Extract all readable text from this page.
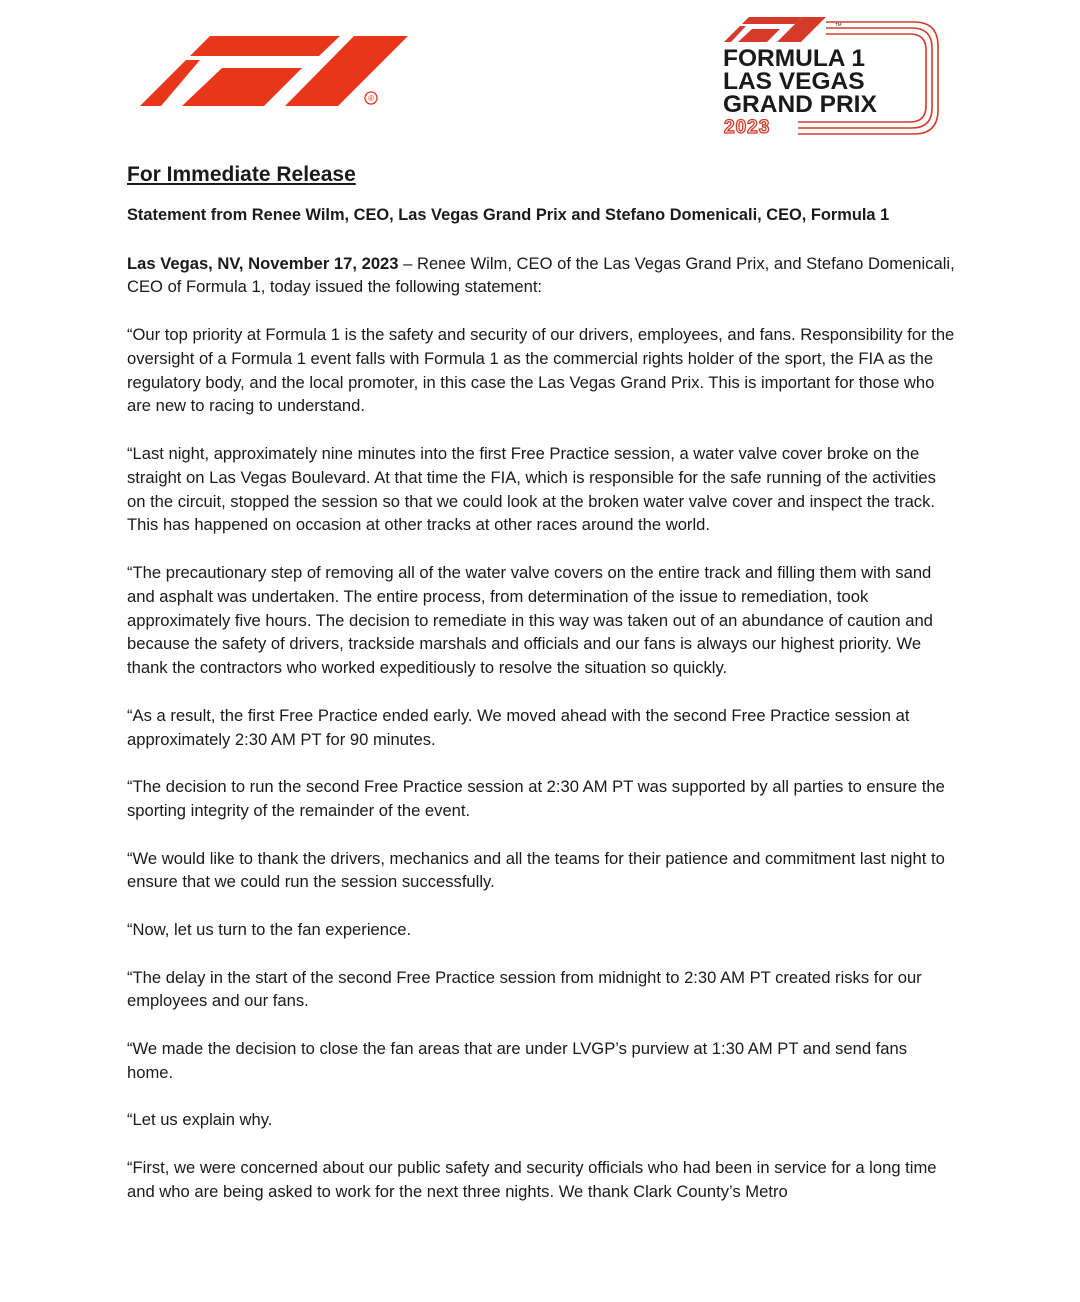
®
TM
FORMULA 1
LAS VEGAS
GRAND PRIX
2023
For Immediate Release
Statement from Renee Wilm, CEO, Las Vegas Grand Prix and Stefano Domenicali, CEO, Formula 1
Las Vegas, NV, November 17, 2023 – Renee Wilm, CEO of the Las Vegas Grand Prix, and Stefano Domenicali, CEO of Formula 1, today issued the following statement:
“Our top priority at Formula 1 is the safety and security of our drivers, employees, and fans. Responsibility for the oversight of a Formula 1 event falls with Formula 1 as the commercial rights holder of the sport, the FIA as the regulatory body, and the local promoter, in this case the Las Vegas Grand Prix. This is important for those who are new to racing to understand.
“Last night, approximately nine minutes into the first Free Practice session, a water valve cover broke on the straight on Las Vegas Boulevard. At that time the FIA, which is responsible for the safe running of the activities on the circuit, stopped the session so that we could look at the broken water valve cover and inspect the track. This has happened on occasion at other tracks at other races around the world.
“The precautionary step of removing all of the water valve covers on the entire track and filling them with sand and asphalt was undertaken. The entire process, from determination of the issue to remediation, took approximately five hours. The decision to remediate in this way was taken out of an abundance of caution and because the safety of drivers, trackside marshals and officials and our fans is always our highest priority. We thank the contractors who worked expeditiously to resolve the situation so quickly.
“As a result, the first Free Practice ended early. We moved ahead with the second Free Practice session at approximately 2:30 AM PT for 90 minutes.
“The decision to run the second Free Practice session at 2:30 AM PT was supported by all parties to ensure the sporting integrity of the remainder of the event.
“We would like to thank the drivers, mechanics and all the teams for their patience and commitment last night to ensure that we could run the session successfully.
“Now, let us turn to the fan experience.
“The delay in the start of the second Free Practice session from midnight to 2:30 AM PT created risks for our employees and our fans.
“We made the decision to close the fan areas that are under LVGP’s purview at 1:30 AM PT and send fans home.
“Let us explain why.
“First, we were concerned about our public safety and security officials who had been in service for a long time and who are being asked to work for the next three nights. We thank Clark County’s Metro
